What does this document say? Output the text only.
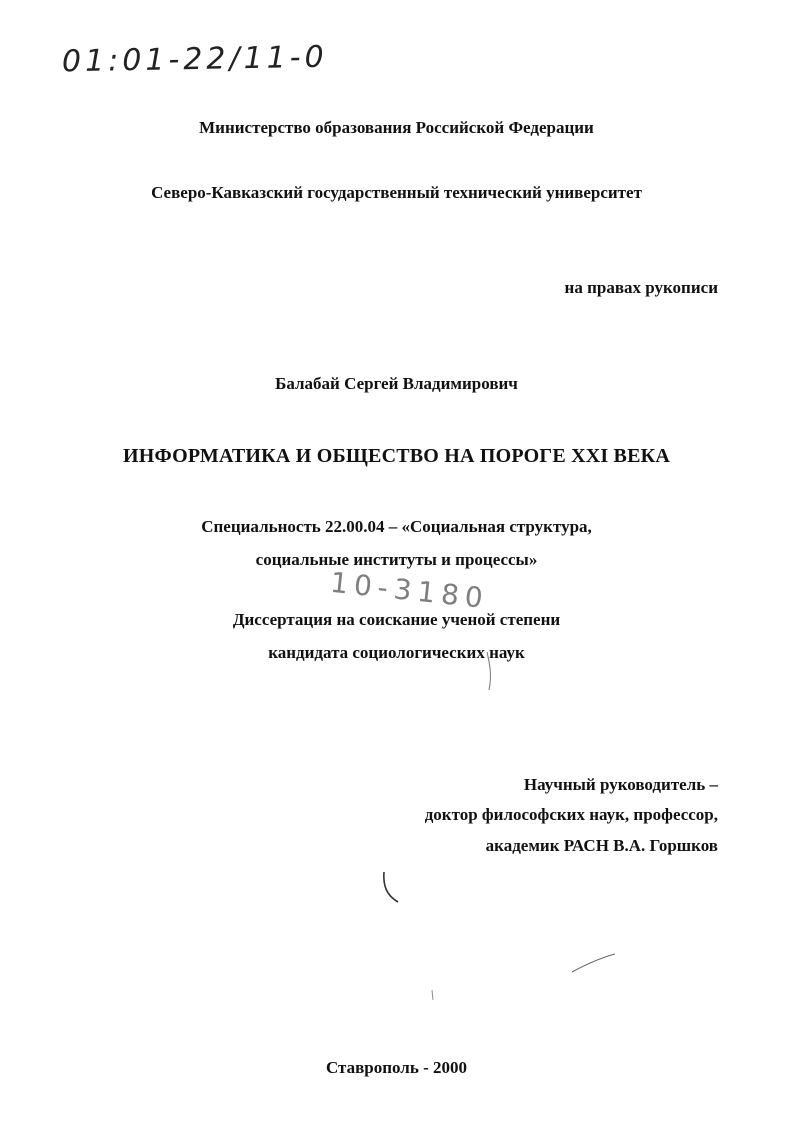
01:01-22/11-0
Министерство образования Российской Федерации
Северо-Кавказский государственный технический университет
на правах рукописи
Балабай Сергей Владимирович
ИНФОРМАТИКА И ОБЩЕСТВО НА ПОРОГЕ XXI ВЕКА
Специальность 22.00.04 – «Социальная структура,
социальные институты и процессы»
10-3180
Диссертация на соискание ученой степени
кандидата социологических наук
Научный руководитель –
доктор философских наук, профессор,
академик РАСН В.А. Горшков
Ставрополь - 2000
